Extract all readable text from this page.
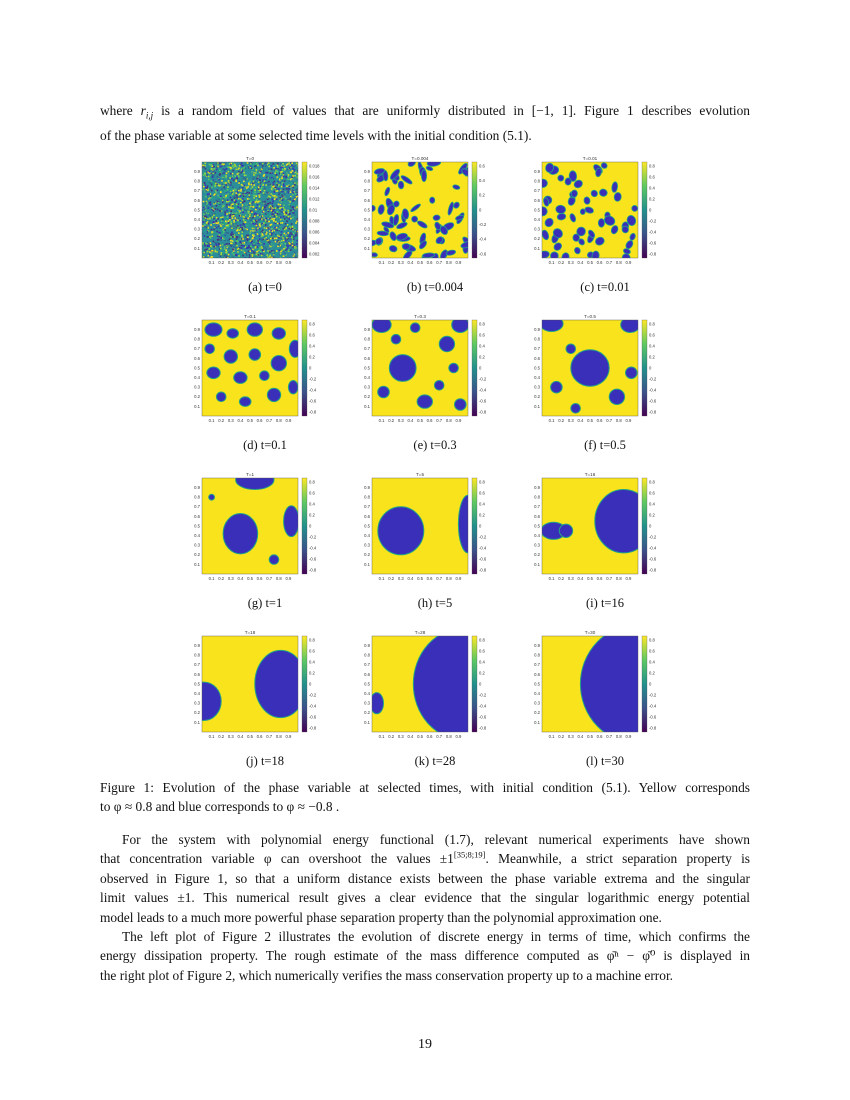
where $r_{i,j}$ is a random field of values that are uniformly distributed in [−1, 1]. Figure 1 describes evolution
of the phase variable at some selected time levels with the initial condition (5.1).
T=0
0.1
0.1
0.2
0.2
0.3
0.3
0.4
0.4
0.5
0.5
0.6
0.6
0.7
0.7
0.8
0.8
0.9
0.9
0.018
0.016
0.014
0.012
0.01
0.008
0.006
0.004
0.002
(a) t=0
T=0.004
0.1
0.1
0.2
0.2
0.3
0.3
0.4
0.4
0.5
0.5
0.6
0.6
0.7
0.7
0.8
0.8
0.9
0.9
0.6
0.4
0.2
0
-0.2
-0.4
-0.6
(b) t=0.004
T=0.01
0.1
0.1
0.2
0.2
0.3
0.3
0.4
0.4
0.5
0.5
0.6
0.6
0.7
0.7
0.8
0.8
0.9
0.9
0.8
0.6
0.4
0.2
0
-0.2
-0.4
-0.6
-0.8
(c) t=0.01
T=0.1
0.1
0.1
0.2
0.2
0.3
0.3
0.4
0.4
0.5
0.5
0.6
0.6
0.7
0.7
0.8
0.8
0.9
0.9
0.8
0.6
0.4
0.2
0
-0.2
-0.4
-0.6
-0.8
(d) t=0.1
T=0.3
0.1
0.1
0.2
0.2
0.3
0.3
0.4
0.4
0.5
0.5
0.6
0.6
0.7
0.7
0.8
0.8
0.9
0.9
0.8
0.6
0.4
0.2
0
-0.2
-0.4
-0.6
-0.8
(e) t=0.3
T=0.5
0.1
0.1
0.2
0.2
0.3
0.3
0.4
0.4
0.5
0.5
0.6
0.6
0.7
0.7
0.8
0.8
0.9
0.9
0.8
0.6
0.4
0.2
0
-0.2
-0.4
-0.6
-0.8
(f) t=0.5
T=1
0.1
0.1
0.2
0.2
0.3
0.3
0.4
0.4
0.5
0.5
0.6
0.6
0.7
0.7
0.8
0.8
0.9
0.9
0.8
0.6
0.4
0.2
0
-0.2
-0.4
-0.6
-0.8
(g) t=1
T=5
0.1
0.1
0.2
0.2
0.3
0.3
0.4
0.4
0.5
0.5
0.6
0.6
0.7
0.7
0.8
0.8
0.9
0.9
0.8
0.6
0.4
0.2
0
-0.2
-0.4
-0.6
-0.8
(h) t=5
T=16
0.1
0.1
0.2
0.2
0.3
0.3
0.4
0.4
0.5
0.5
0.6
0.6
0.7
0.7
0.8
0.8
0.9
0.9
0.8
0.6
0.4
0.2
0
-0.2
-0.4
-0.6
-0.8
(i) t=16
T=18
0.1
0.1
0.2
0.2
0.3
0.3
0.4
0.4
0.5
0.5
0.6
0.6
0.7
0.7
0.8
0.8
0.9
0.9
0.8
0.6
0.4
0.2
0
-0.2
-0.4
-0.6
-0.8
(j) t=18
T=28
0.1
0.1
0.2
0.2
0.3
0.3
0.4
0.4
0.5
0.5
0.6
0.6
0.7
0.7
0.8
0.8
0.9
0.9
0.8
0.6
0.4
0.2
0
-0.2
-0.4
-0.6
-0.8
(k) t=28
T=30
0.1
0.1
0.2
0.2
0.3
0.3
0.4
0.4
0.5
0.5
0.6
0.6
0.7
0.7
0.8
0.8
0.9
0.9
0.8
0.6
0.4
0.2
0
-0.2
-0.4
-0.6
-0.8
(l) t=30
Figure 1: Evolution of the phase variable at selected times, with initial condition (5.1). Yellow corresponds
to φ ≈ 0.8 and blue corresponds to φ ≈ −0.8 .
For the system with polynomial energy functional (1.7), relevant numerical experiments have shown
that concentration variable φ can overshoot the values ±1[35;8;19]. Meanwhile, a strict separation property is
observed in Figure 1, so that a uniform distance exists between the phase variable extrema and the singular
limit values ±1. This numerical result gives a clear evidence that the singular logarithmic energy potential
model leads to a much more powerful phase separation property than the polynomial approximation one.
The left plot of Figure 2 illustrates the evolution of discrete energy in terms of time, which confirms the
energy dissipation property. The rough estimate of the mass difference computed as φ̄ⁿ − φ̄⁰ is displayed in
the right plot of Figure 2, which numerically verifies the mass conservation property up to a machine error.
19
